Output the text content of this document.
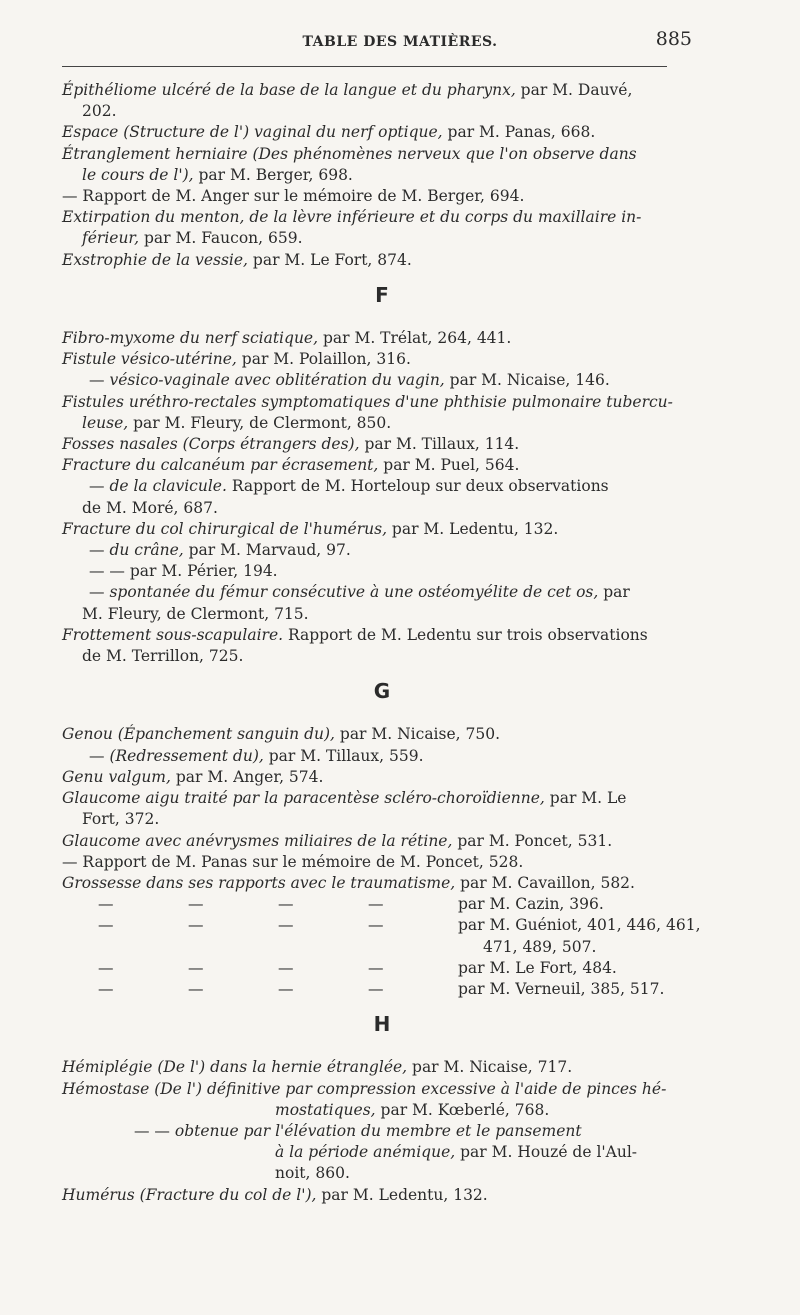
TABLE DES MATIÈRES.	885
Épithéliome ulcéré de la base de la langue et du pharynx, par M. Dauvé,
202.
Espace (Structure de l') vaginal du nerf optique, par M. Panas, 668.
Étranglement herniaire (Des phénomènes nerveux que l'on observe dans
le cours de l'), par M. Berger, 698.
— Rapport de M. Anger sur le mémoire de M. Berger, 694.
Extirpation du menton, de la lèvre inférieure et du corps du maxillaire in-
férieur, par M. Faucon, 659.
Exstrophie de la vessie, par M. Le Fort, 874.
F
Fibro-myxome du nerf sciatique, par M. Trélat, 264, 441.
Fistule vésico-utérine, par M. Polaillon, 316.
— vésico-vaginale avec oblitération du vagin, par M. Nicaise, 146.
Fistules uréthro-rectales symptomatiques d'une phthisie pulmonaire tubercu-
leuse, par M. Fleury, de Clermont, 850.
Fosses nasales (Corps étrangers des), par M. Tillaux, 114.
Fracture du calcanéum par écrasement, par M. Puel, 564.
— de la clavicule. Rapport de M. Horteloup sur deux observations
de M. Moré, 687.
Fracture du col chirurgical de l'humérus, par M. Ledentu, 132.
— du crâne, par M. Marvaud, 97.
— — par M. Périer, 194.
— spontanée du fémur consécutive à une ostéomyélite de cet os, par
M. Fleury, de Clermont, 715.
Frottement sous-scapulaire. Rapport de M. Ledentu sur trois observations
de M. Terrillon, 725.
G
Genou (Épanchement sanguin du), par M. Nicaise, 750.
— (Redressement du), par M. Tillaux, 559.
Genu valgum, par M. Anger, 574.
Glaucome aigu traité par la paracentèse scléro-choroïdienne, par M. Le
Fort, 372.
Glaucome avec anévrysmes miliaires de la rétine, par M. Poncet, 531.
— Rapport de M. Panas sur le mémoire de M. Poncet, 528.
Grossesse dans ses rapports avec le traumatisme, par M. Cavaillon, 582.
—	—	—	—	par M. Cazin, 396.
—	—	—	—	par M. Guéniot, 401, 446, 461,
471, 489, 507.
—	—	—	—	par M. Le Fort, 484.
—	—	—	—	par M. Verneuil, 385, 517.
H
Hémiplégie (De l') dans la hernie étranglée, par M. Nicaise, 717.
Hémostase (De l') définitive par compression excessive à l'aide de pinces hé-
mostatiques, par M. Kœberlé, 768.
— — obtenue par l'élévation du membre et le pansement
à la période anémique, par M. Houzé de l'Aul-
noit, 860.
Humérus (Fracture du col de l'), par M. Ledentu, 132.
